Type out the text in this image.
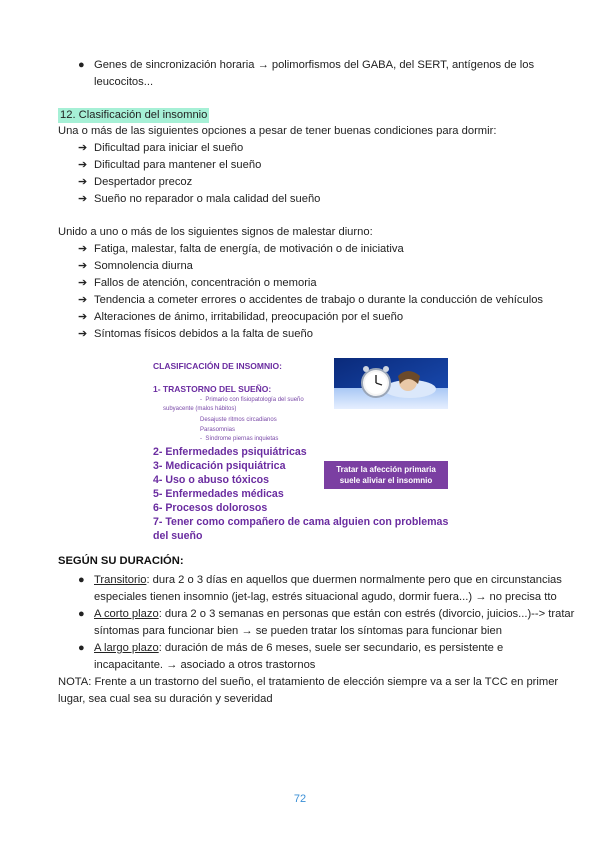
● Genes de sincronización horaria → polimorfismos del GABA, del SERT, antígenos de los
leucocitos...
12. Clasificación del insomnio
Una o más de las siguientes opciones a pesar de tener buenas condiciones para dormir:
➔ Dificultad para iniciar el sueño
➔ Dificultad para mantener el sueño
➔ Despertador precoz
➔ Sueño no reparador o mala calidad del sueño
Unido a uno o más de los siguientes signos de malestar diurno:
➔ Fatiga, malestar, falta de energía, de motivación o de iniciativa
➔ Somnolencia diurna
➔ Fallos de atención, concentración o memoria
➔ Tendencia a cometer errores o accidentes de trabajo o durante la conducción de vehículos
➔ Alteraciones de ánimo, irritabilidad, preocupación por el sueño
➔ Síntomas físicos debidos a la falta de sueño
CLASIFICACIÓN DE INSOMNIO:
1- TRASTORNO DEL SUEÑO:
-  Primario con fisiopatología del sueño
subyacente (malos hábitos)
Desajuste ritmos circadianos
Parasomnias
-  Síndrome piernas inquietas
2- Enfermedades psiquiátricas
3- Medicación psiquiátrica
4- Uso o abuso tóxicos
5- Enfermedades médicas
6- Procesos dolorosos
7- Tener como compañero de cama alguien con problemas
del sueño
Tratar la afección primaria
suele aliviar el insomnio
SEGÚN SU DURACIÓN:
● Transitorio: dura 2 o 3 días en aquellos que duermen normalmente pero que en circunstancias
especiales tienen insomnio (jet-lag, estrés situacional agudo, dormir fuera...) → no precisa tto
● A corto plazo: dura 2 o 3 semanas en personas que están con estrés (divorcio, juicios...)--> tratar
síntomas para funcionar bien → se pueden tratar los síntomas para funcionar bien
● A largo plazo: duración de más de 6 meses, suele ser secundario, es persistente e
incapacitante. → asociado a otros trastornos
NOTA: Frente a un trastorno del sueño, el tratamiento de elección siempre va a ser la TCC en primer
lugar, sea cual sea su duración y severidad
72
